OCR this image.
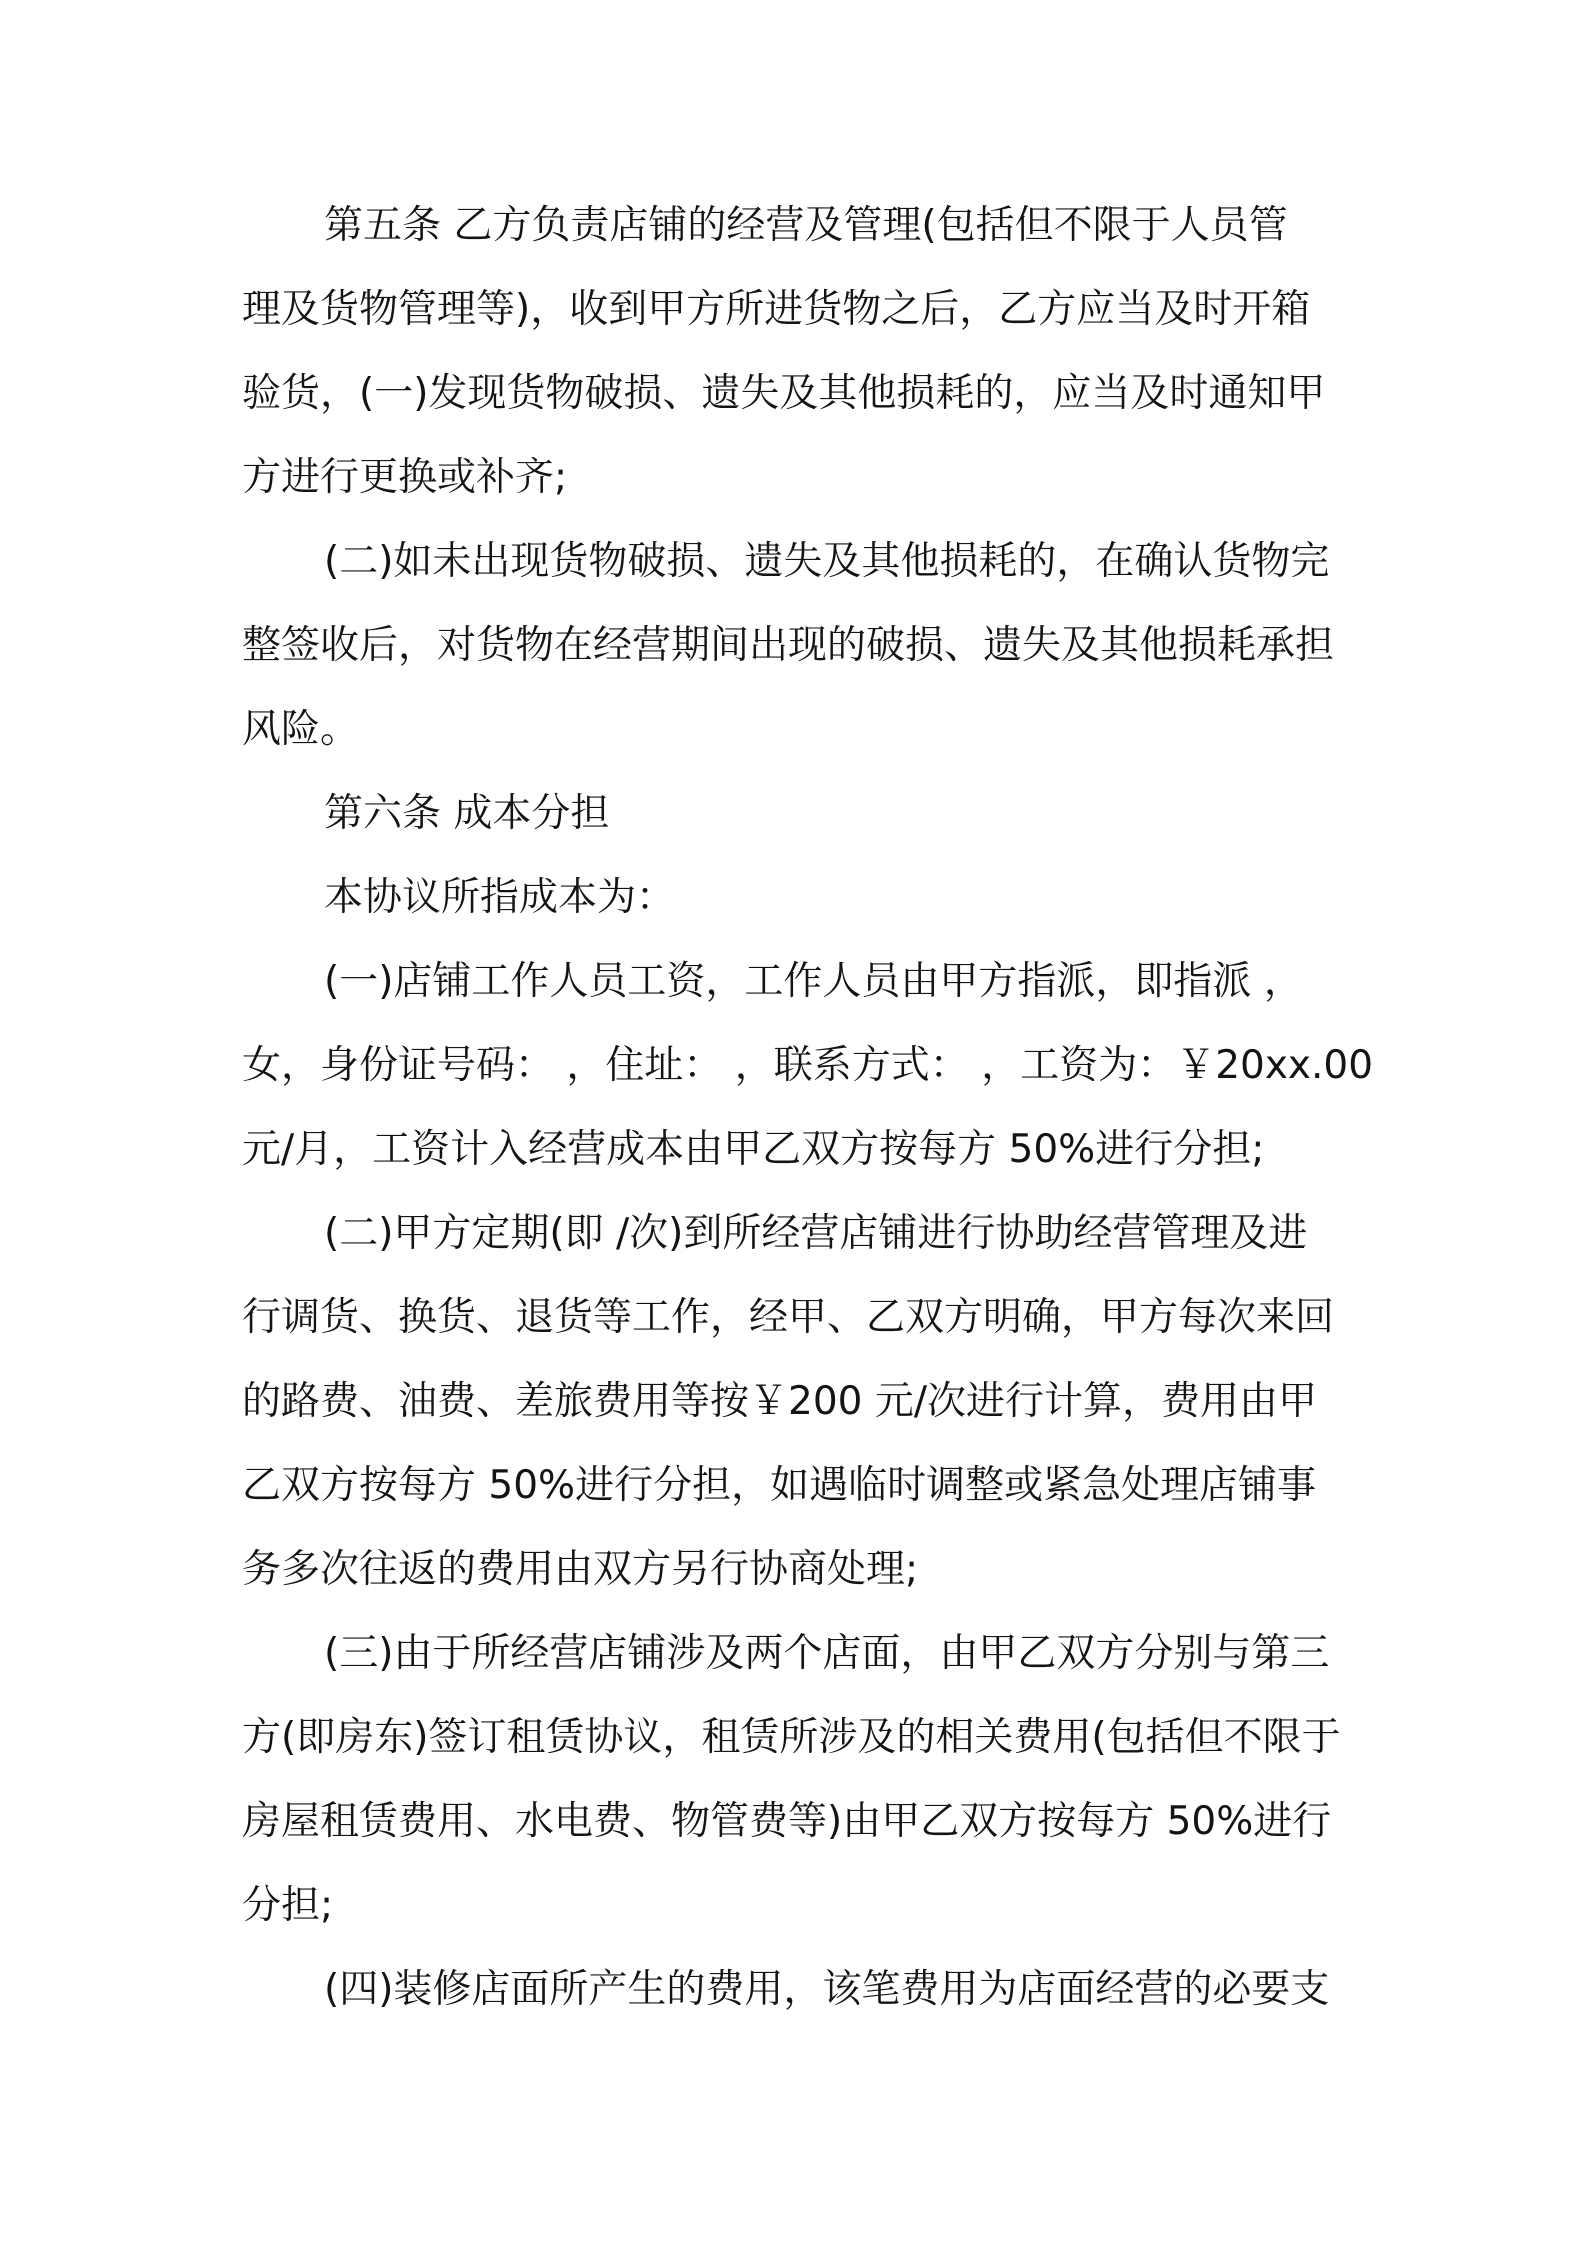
第五条 乙方负责店铺的经营及管理(包括但不限于人员管
理及货物管理等)，收到甲方所进货物之后，乙方应当及时开箱
验货，(一)发现货物破损、遗失及其他损耗的，应当及时通知甲
方进行更换或补齐;
(二)如未出现货物破损、遗失及其他损耗的，在确认货物完
整签收后，对货物在经营期间出现的破损、遗失及其他损耗承担
风险。
第六条 成本分担
本协议所指成本为：
(一)店铺工作人员工资，工作人员由甲方指派，即指派 ，
女，身份证号码： ，住址： ，联系方式： ，工资为：￥20xx.00
元/月，工资计入经营成本由甲乙双方按每方 50%进行分担;
(二)甲方定期(即 /次)到所经营店铺进行协助经营管理及进
行调货、换货、退货等工作，经甲、乙双方明确，甲方每次来回
的路费、油费、差旅费用等按￥200 元/次进行计算，费用由甲
乙双方按每方 50%进行分担，如遇临时调整或紧急处理店铺事
务多次往返的费用由双方另行协商处理;
(三)由于所经营店铺涉及两个店面，由甲乙双方分别与第三
方(即房东)签订租赁协议，租赁所涉及的相关费用(包括但不限于
房屋租赁费用、水电费、物管费等)由甲乙双方按每方 50%进行
分担;
(四)装修店面所产生的费用，该笔费用为店面经营的必要支
